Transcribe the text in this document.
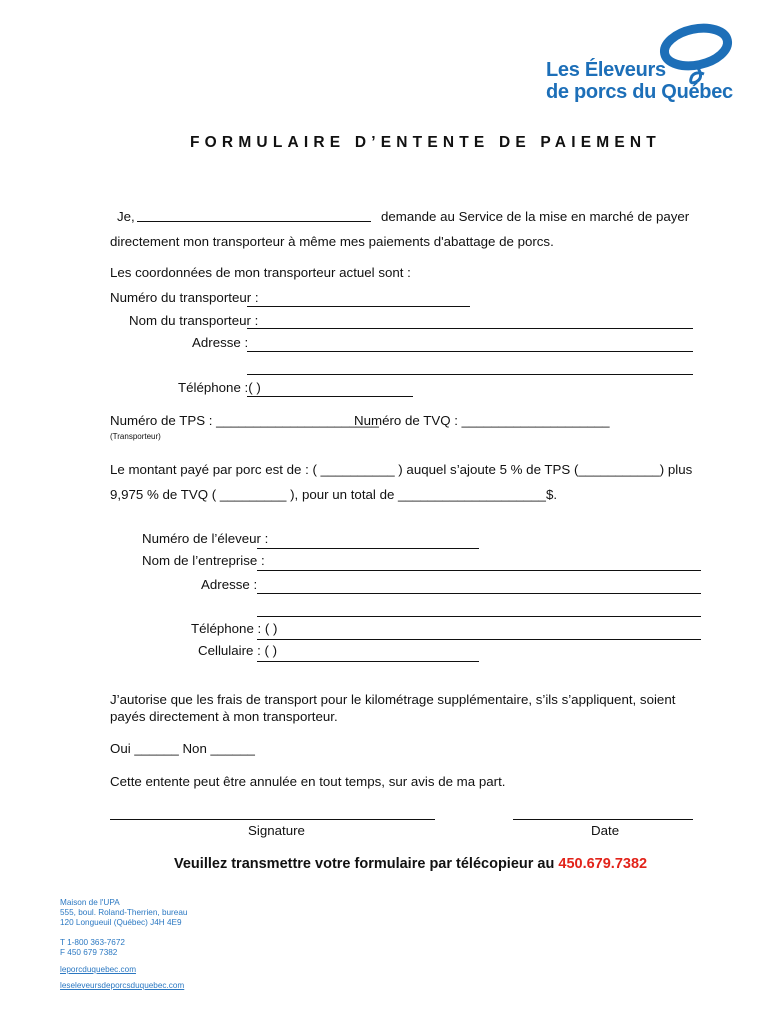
Les Éleveurs
de porcs du Québec
FORMULAIRE D’ENTENTE DE PAIEMENT
Je,	demande au Service de la mise en marché de payer
directement mon transporteur à même mes paiements d'abattage de porcs.
Les coordonnées de mon transporteur actuel sont :
Numéro du transporteur :
Nom du transporteur :
Adresse :
Téléphone :( )
Numéro de TPS : ______________________
Numéro de TVQ : ____________________
(Transporteur)
Le montant payé par porc est de : ( __________ ) auquel s’ajoute 5 % de TPS (___________) plus
9,975 % de TVQ ( _________ ), pour un total de ____________________$.
Numéro de l’éleveur :
Nom de l’entreprise :
Adresse :
Téléphone : ( )
Cellulaire : ( )
J’autorise que les frais de transport pour le kilométrage supplémentaire, s’ils s’appliquent, soient
payés directement à mon transporteur.
Oui ______ Non ______
Cette entente peut être annulée en tout temps, sur avis de ma part.
Signature	Date
Veuillez transmettre votre formulaire par télécopieur au 450.679.7382
Maison de l'UPA
555, boul. Roland-Therrien, bureau
120 Longueuil (Québec) J4H 4E9
T 1-800 363-7672
F 450 679 7382
leporcduquebec.com
leseleveursdeporcsduquebec.com
